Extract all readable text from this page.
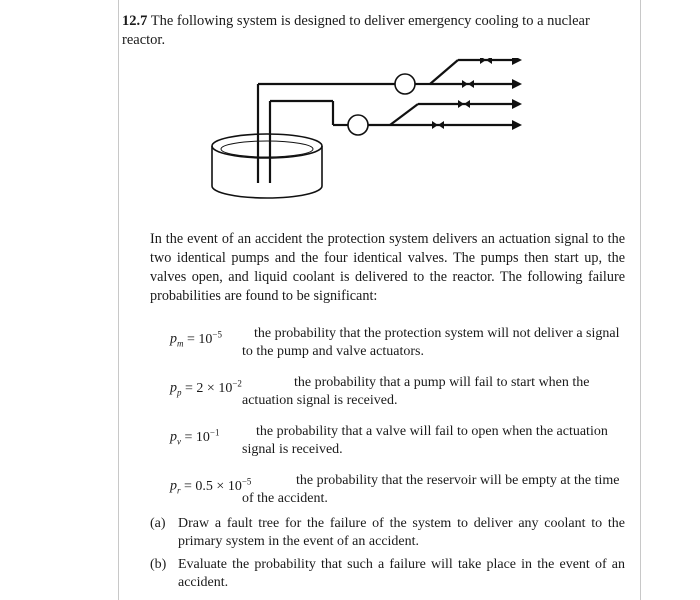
12.7 The following system is designed to deliver emergency cooling to a nuclear reactor.
In the event of an accident the protection system delivers an actuation signal to the two identical pumps and the four identical valves. The pumps then start up, the valves open, and liquid coolant is delivered to the reactor. The following failure probabilities are found to be significant:
$p_m = 10^{-5}$	the probability that the protection system will not deliver a signal to the pump and valve actuators.
$p_p = 2 \times 10^{-2}$	the probability that a pump will fail to start when the actuation signal is received.
$p_v = 10^{-1}$	the probability that a valve will fail to open when the actuation signal is received.
$p_r = 0.5 \times 10^{-5}$	the probability that the reservoir will be empty at the time of the accident.
(a) Draw a fault tree for the failure of the system to deliver any coolant to the primary system in the event of an accident.
(b) Evaluate the probability that such a failure will take place in the event of an accident.
